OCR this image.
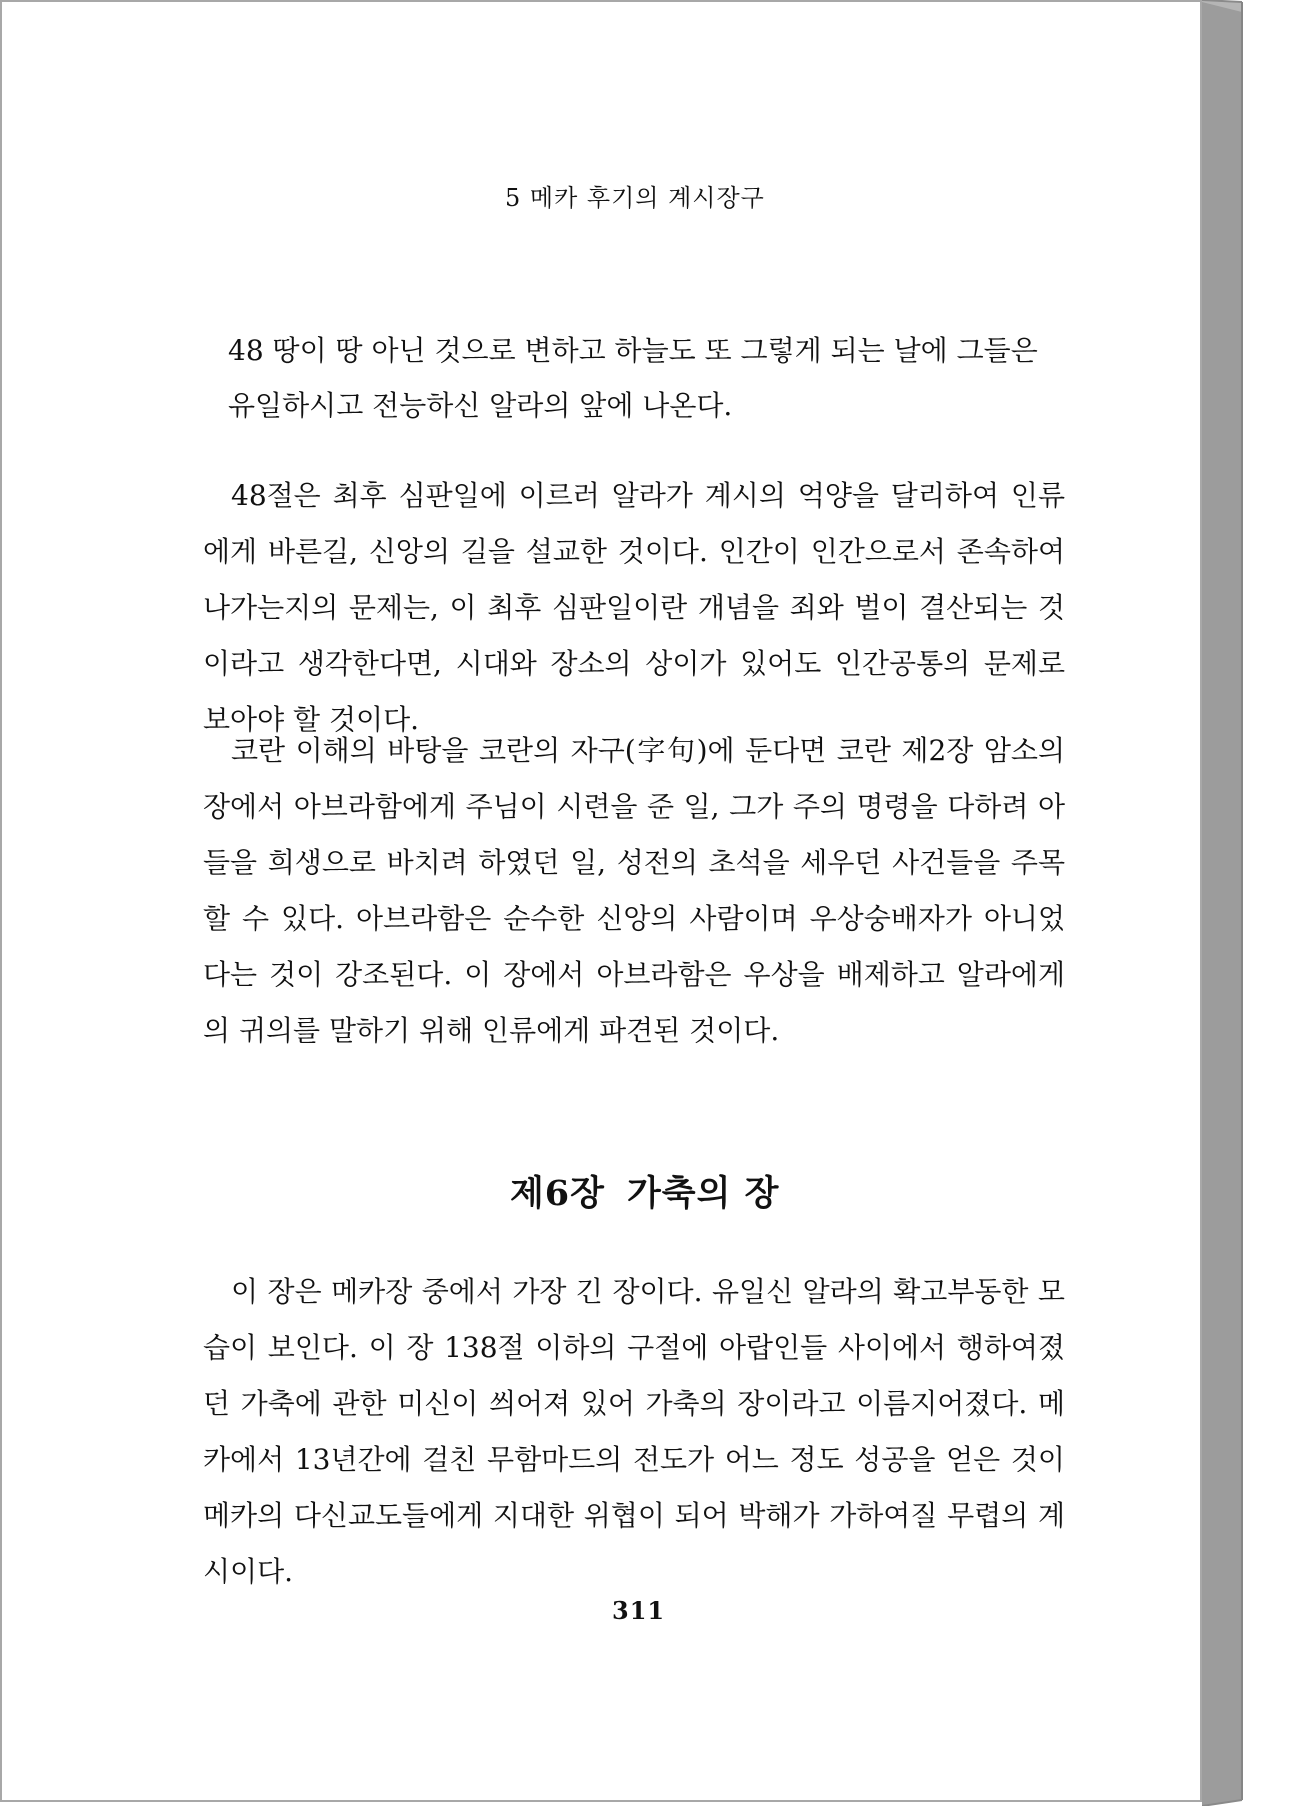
5 메카 후기의 계시장구

48 땅이 땅 아닌 것으로 변하고 하늘도 또 그렇게 되는 날에 그들은

유일하시고 전능하신 알라의 앞에 나온다.

48절은 최후 심판일에 이르러 알라가 계시의 억양을 달리하여 인류에게 바른길, 신앙의 길을 설교한 것이다. 인간이 인간으로서 존속하여 나가는지의 문제는, 이 최후 심판일이란 개념을 죄와 벌이 결산되는 것이라고 생각한다면, 시대와 장소의 상이가 있어도 인간공통의 문제로 보아야 할 것이다.

코란 이해의 바탕을 코란의 자구(字句)에 둔다면 코란 제2장 암소의 장에서 아브라함에게 주님이 시련을 준 일, 그가 주의 명령을 다하려 아들을 희생으로 바치려 하였던 일, 성전의 초석을 세우던 사건들을 주목할 수 있다. 아브라함은 순수한 신앙의 사람이며 우상숭배자가 아니었다는 것이 강조된다. 이 장에서 아브라함은 우상을 배제하고 알라에게의 귀의를 말하기 위해 인류에게 파견된 것이다.

제6장 가축의 장

이 장은 메카장 중에서 가장 긴 장이다. 유일신 알라의 확고부동한 모습이 보인다. 이 장 138절 이하의 구절에 아랍인들 사이에서 행하여졌던 가축에 관한 미신이 씌어져 있어 가축의 장이라고 이름지어졌다. 메카에서 13년간에 걸친 무함마드의 전도가 어느 정도 성공을 얻은 것이 메카의 다신교도들에게 지대한 위협이 되어 박해가 가하여질 무렵의 계시이다.

311
